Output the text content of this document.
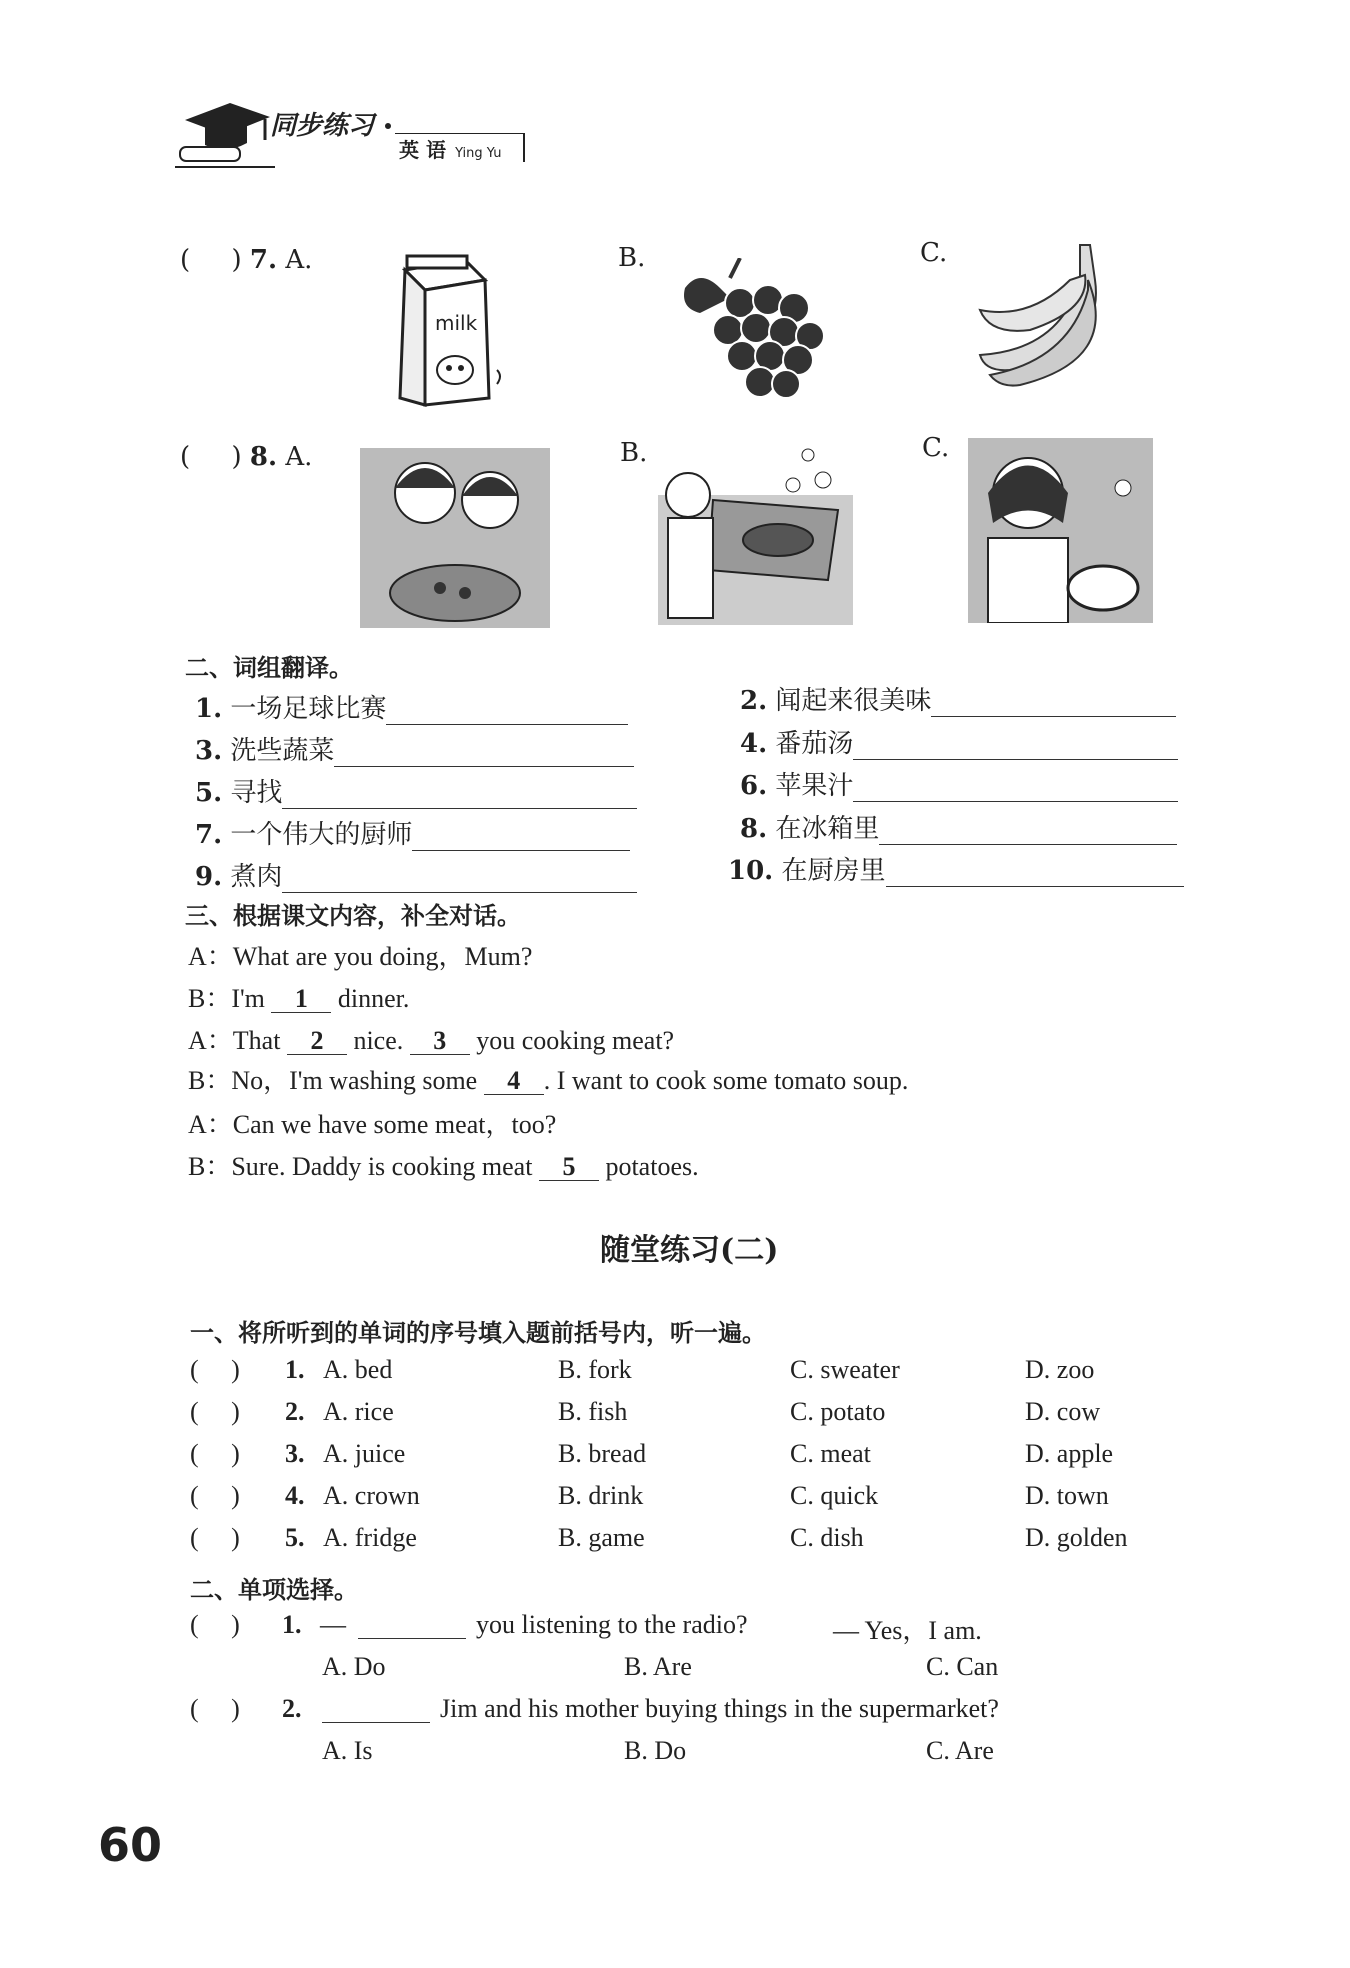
同步练习
英 语 Ying Yu
(     ) 7. A.	B.	C.
milk
(     ) 8. A.	B.	C.
二、词组翻译。
1. 一场足球比赛	2. 闻起来很美味
3. 洗些蔬菜	4. 番茄汤
5. 寻找	6. 苹果汁
7. 一个伟大的厨师	8. 在冰箱里
9. 煮肉	10. 在厨房里
三、根据课文内容，补全对话。
A：What are you doing，Mum?
B：I'm 1 dinner.
A：That 2 nice. 3 you cooking meat?
B：No，I'm washing some 4 . I want to cook some tomato soup.
A：Can we have some meat，too?
B：Sure. Daddy is cooking meat 5 potatoes.
随堂练习(二)
一、将所听到的单词的序号填入题前括号内，听一遍。
(     ) 1. A. bed	B. fork	C. sweater	D. zoo
(     ) 2. A. rice	B. fish	C. potato	D. cow
(     ) 3. A. juice	B. bread	C. meat	D. apple
(     ) 4. A. crown	B. drink	C. quick	D. town
(     ) 5. A. fridge	B. game	C. dish	D. golden
二、单项选择。
(     ) 1. —	you listening to the radio?	— Yes，I am.
A. Do	B. Are	C. Can
(     ) 2.	Jim and his mother buying things in the supermarket?
A. Is	B. Do	C. Are
60
